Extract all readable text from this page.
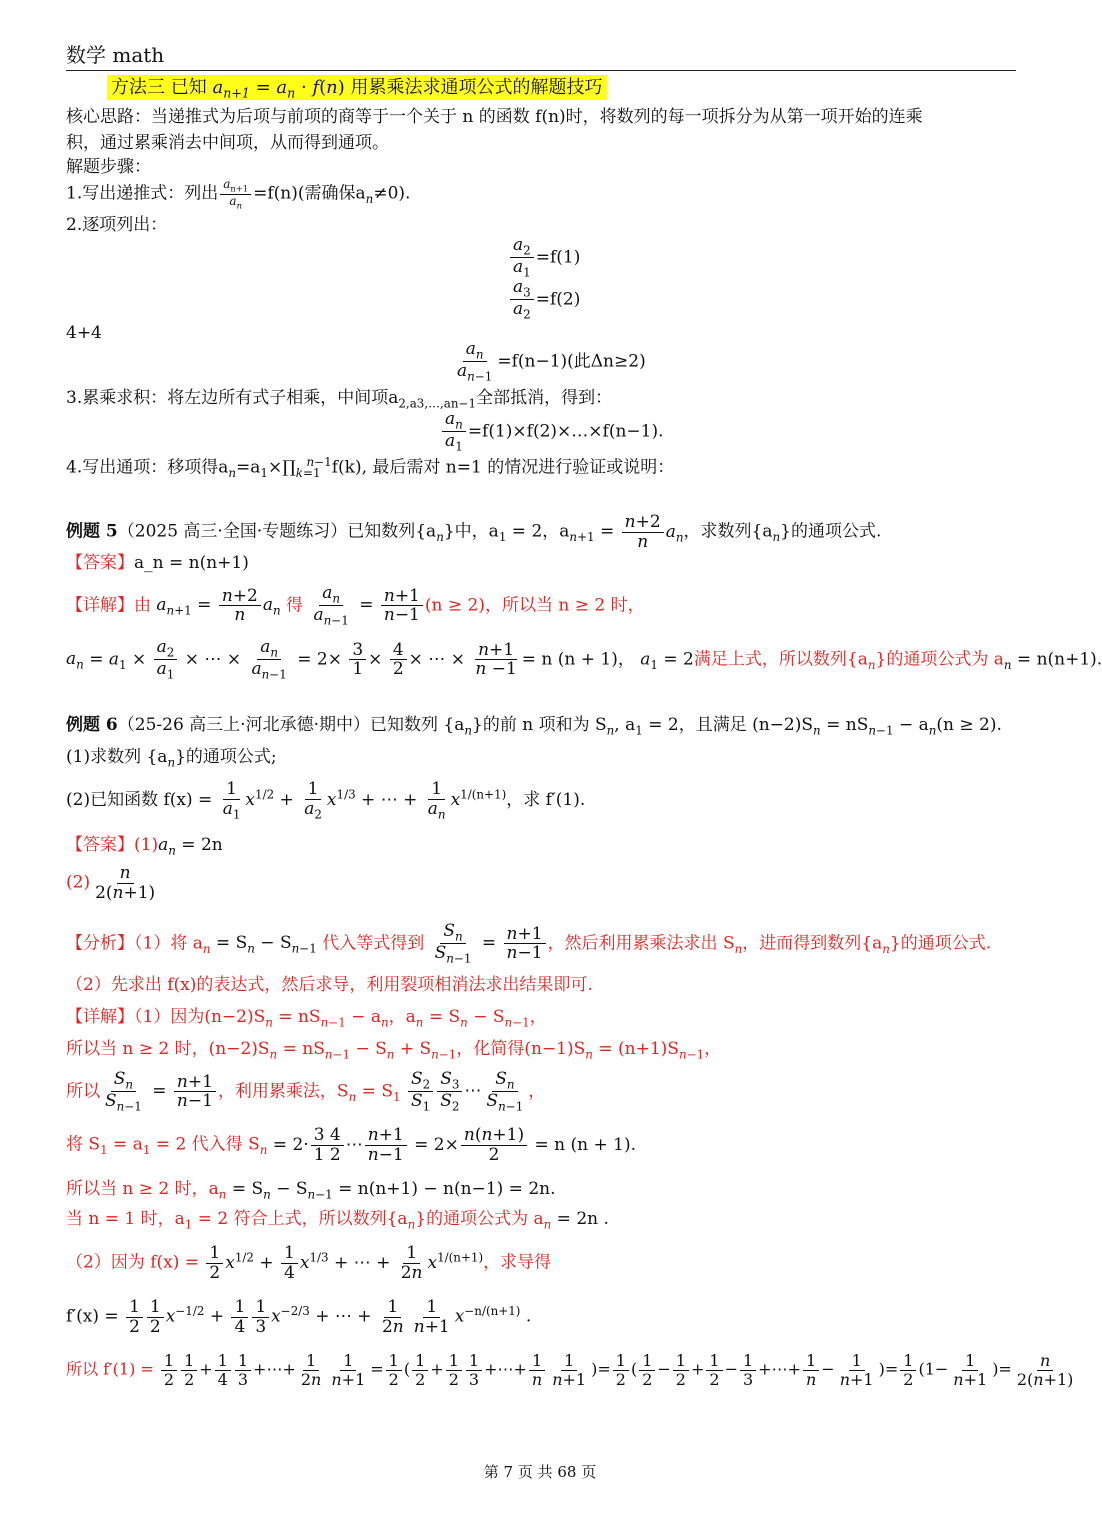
数学 math
方法三 已知 $a_{n+1} = a_n \cdot f(n)$ 用累乘法求通项公式的解题技巧
核心思路：当递推式为后项与前项的商等于一个关于 n 的函数 f(n)时，将数列的每一项拆分为从第一项开始的连乘
积，通过累乘消去中间项，从而得到通项。
解题步骤：
1.写出递推式：列出 $\frac{a_{n+1}}{a_n} =f(n)$(需确保$a_n\ne 0$).
2.逐项列出：
$\frac{a_2}{a_1} =f(1)$
$\frac{a_3}{a_2} =f(2)$
4+4
$\frac{a_n}{a_{n-1}} =f(n-1)$(此Δn≥2)
3.累乘求积：将左边所有式子相乘，中间项$a_{2,a3,\dots,an-1}$全部抵消，得到：
$\frac{a_n}{a_1}$ =f(1)×f(2)×…×f(n−1).
4.写出通项：移项得$a_n=a_1\times\prod_{k=1}^{n-1}f(k)$, 最后需对 n=1 的情况进行验证或说明：
例题 5（2025 高三·全国·专题练习）已知数列$\{a_n\}$中，$a_1 = 2$，$a_{n+1} = \frac{n+2}{n} a_n$，求数列$\{a_n\}$的通项公式.
【答案】a_n = n(n+1)
【详解】由 $a_{n+1} = \frac{n+2}{n} a_n$ 得 $\frac{a_n}{a_{n-1}} = \frac{n+1}{n-1} (n \ge 2)$，所以当 n ≥ 2 时，
$a_n = a_1 \times \frac{a_2}{a_1}$ × ⋯ × $\frac{a_n}{a_{n-1}} = 2\times \frac{3}{1} \times \frac{4}{2}$ × ⋯ × $\frac{n+1}{n -1} = n$ (n + 1)， $a_1 = 2$满足上式，所以数列$\{a_n\}$的通项公式为 $a_n = n(n+1)$.
例题 6（25-26 高三上·河北承德·期中）已知数列 $\{a_n\}$的前 n 项和为 $S_n$, $a_1 = 2$，且满足 $(n-2)S_n = nS_{n-1} - a_n(n \ge 2)$.
(1)求数列 $\{a_n\}$的通项公式;
(2)已知函数 $f(x) = \frac{1}{a_1} x^{1/2} + \frac{1}{a_2} x^{1/3}$ + ⋯ + $\frac{1}{a_n} x^{1/(n+1)}$，求 f′(1).
【答案】$(1)a_n = 2n$
$(2) \frac{n}{2(n+1)}$
【分析】（1）将 $a_n = S_n - S_{n-1}$ 代入等式得到 $\frac{S_n}{S_{n-1}} = \frac{n+1}{n-1}$ ，然后利用累乘法求出 $S_n$，进而得到数列$\{a_n\}$的通项公式.
（2）先求出 f(x)的表达式，然后求导，利用裂项相消法求出结果即可.
【详解】（1）因为$(n-2)S_n = nS_{n-1} - a_n$，$a_n = S_n - S_{n-1}$，
所以当 n ≥ 2 时，$(n-2)S_n = nS_{n-1} - S_n + S_{n-1}$，化简得$(n-1)S_n = (n+1)S_{n-1}$，
所以 $\frac{S_n}{S_{n-1}} = \frac{n+1}{n-1}$ ，利用累乘法，$S_n = S_1 \frac{S_2}{S_1} \frac{S_3}{S_2}$ ⋯ $\frac{S_n}{S_{n-1}}$ ，
将 $S_1 = a_1 = 2$ 代入得 $S_n = 2\cdot \frac{3 4}{1 2}$ ⋯ $\frac{n+1}{n-1} = 2\times \frac{n(n+1)}{2} = n$ (n + 1).
所以当 n ≥ 2 时，$a_n = S_n - S_{n-1} = n(n+1) - n(n-1) = 2n$.
当 n = 1 时，$a_1 = 2$ 符合上式，所以数列$\{a_n\}$的通项公式为 $a_n = 2n$ .
（2）因为 $f(x) = \frac{1}{2} x^{1/2} + \frac{1}{4} x^{1/3}$ + ⋯ + $\frac{1}{2n} x^{1/(n+1)}$，求导得
$f'(x) = \frac{1}{2} \frac{1}{2} x^{-1/2} + \frac{1}{4} \frac{1}{3} x^{-2/3}$ + ⋯ + $\frac{1}{2n} \frac{1}{n+1} x^{-n/(n+1)}$ .
所以 $f'(1) = \frac{1}{2} \frac{1}{2} + \frac{1}{4} \frac{1}{3}$ +⋯+ $\frac{1}{2n} \frac{1}{n+1} = \frac{1}{2}$ ( $\frac{1}{2} + \frac{1}{2} \frac{1}{3}$ +⋯+ $\frac{1}{n} \frac{1}{n+1}$ )= $\frac{1}{2}$ ( $\frac{1}{2} - \frac{1}{2} + \frac{1}{2} - \frac{1}{3}$ +⋯+ $\frac{1}{n} - \frac{1}{n+1}$ )= $\frac{1}{2} (1- \frac{1}{n+1}$ )= $\frac{n}{2(n+1)}$
第 7 页 共 68 页
